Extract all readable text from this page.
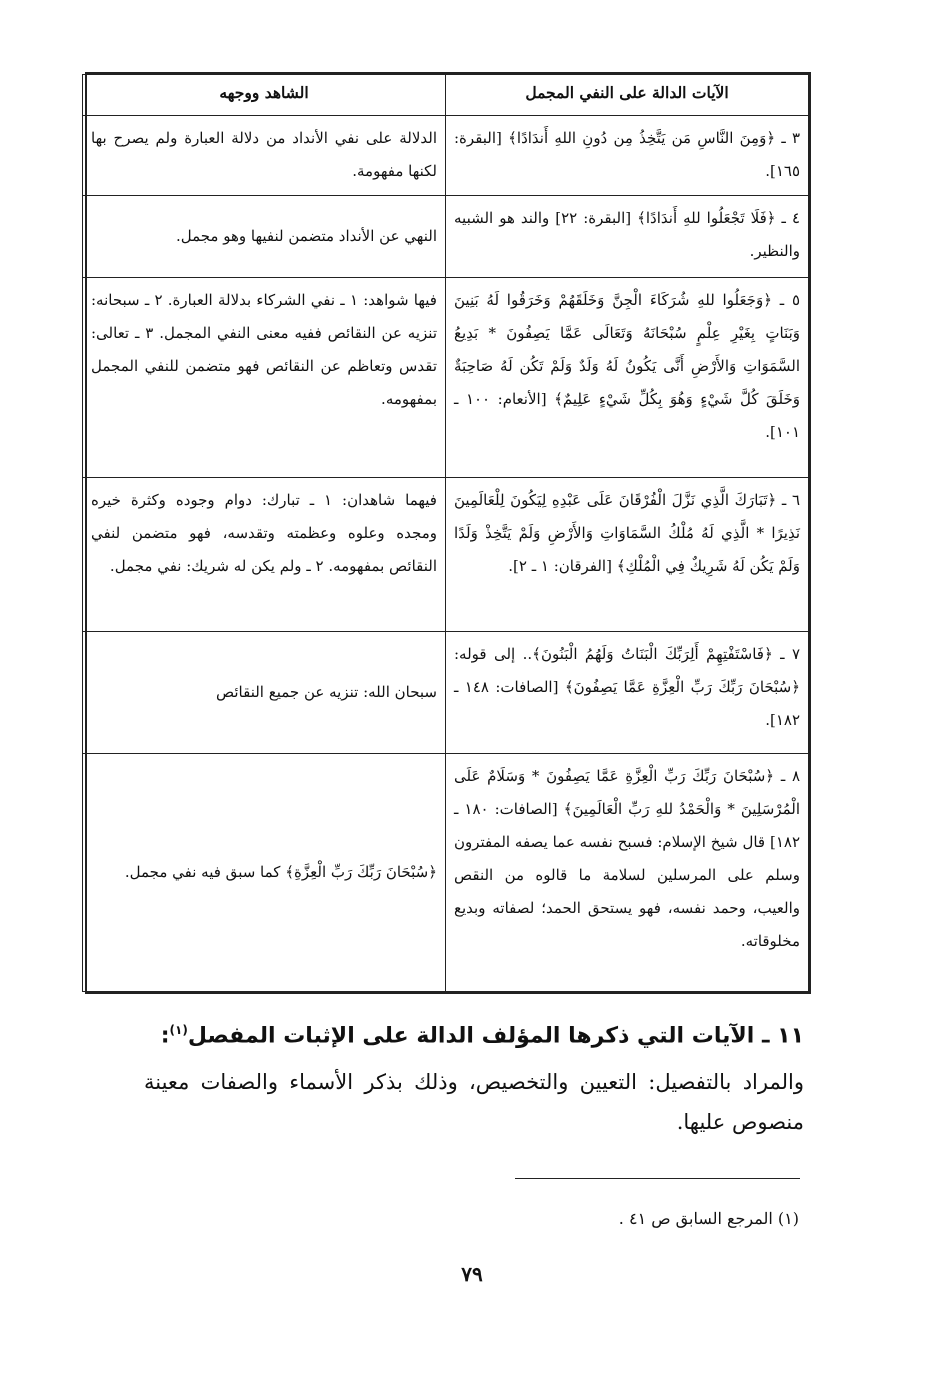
الآيات الدالة على النفي المجمل	الشاهد ووجهه
٣ ـ ﴿وَمِنَ النَّاسِ مَن يَتَّخِذُ مِن دُونِ اللهِ أَندَادًا﴾ [البقرة: ١٦٥].	الدلالة على نفي الأنداد من دلالة العبارة ولم يصرح بها لكنها مفهومة.
٤ ـ ﴿فَلَا تَجْعَلُوا للهِ أَندَادًا﴾ [البقرة: ٢٢] والند هو الشبيه والنظير.	النهي عن الأنداد متضمن لنفيها وهو مجمل.
٥ ـ ﴿وَجَعَلُوا للهِ شُرَكَاءَ الْجِنَّ وَخَلَقَهُمْ وَخَرَقُوا لَهُ بَنِينَ وَبَنَاتٍ بِغَيْرِ عِلْمٍ سُبْحَانَهُ وَتَعَالَى عَمَّا يَصِفُونَ * بَدِيعُ السَّمَوَاتِ وَالأَرْضِ أَنَّى يَكُونُ لَهُ وَلَدٌ وَلَمْ تَكُن لَهُ صَاحِبَةٌ وَخَلَقَ كُلَّ شَيْءٍ وَهُوَ بِكُلِّ شَيْءٍ عَلِيمٌ﴾ [الأنعام: ١٠٠ ـ ١٠١].	فيها شواهد: ١ ـ نفي الشركاء بدلالة العبارة. ٢ ـ سبحانه: تنزيه عن النقائص ففيه معنى النفي المجمل. ٣ ـ تعالى: تقدس وتعاظم عن النقائص فهو متضمن للنفي المجمل بمفهومه.
٦ ـ ﴿تَبَارَكَ الَّذِي نَزَّلَ الْفُرْقَانَ عَلَى عَبْدِهِ لِيَكُونَ لِلْعَالَمِينَ نَذِيرًا * الَّذِي لَهُ مُلْكُ السَّمَاوَاتِ وَالأَرْضِ وَلَمْ يَتَّخِذْ وَلَدًا وَلَمْ يَكُن لَهُ شَرِيكٌ فِي الْمُلْكِ﴾ [الفرقان: ١ ـ ٢].	فيهما شاهدان: ١ ـ تبارك: دوام وجوده وكثرة خيره ومجده وعلوه وعظمته وتقدسه، فهو متضمن لنفي النقائص بمفهومه. ٢ ـ ولم يكن له شريك: نفي مجمل.
٧ ـ ﴿فَاسْتَفْتِهِمْ أَلِرَبِّكَ الْبَنَاتُ وَلَهُمُ الْبَنُونَ﴾.. إلى قوله: ﴿سُبْحَانَ رَبِّكَ رَبِّ الْعِزَّةِ عَمَّا يَصِفُونَ﴾ [الصافات: ١٤٨ ـ ١٨٢].	سبحان الله: تنزيه عن جميع النقائص
٨ ـ ﴿سُبْحَانَ رَبِّكَ رَبِّ الْعِزَّةِ عَمَّا يَصِفُونَ * وَسَلَامٌ عَلَى الْمُرْسَلِينَ * وَالْحَمْدُ للهِ رَبِّ الْعَالَمِينَ﴾ [الصافات: ١٨٠ ـ ١٨٢] قال شيخ الإسلام: فسبح نفسه عما يصفه المفترون وسلم على المرسلين لسلامة ما قالوه من النقص والعيب، وحمد نفسه، فهو يستحق الحمد؛ لصفاته وبديع مخلوقاته.	﴿سُبْحَانَ رَبِّكَ رَبِّ الْعِزَّةِ﴾ كما سبق فيه نفي مجمل.
١١ ـ الآيات التي ذكرها المؤلف الدالة على الإثبات المفصل$^{(١)}$:
والمراد بالتفصيل: التعيين والتخصيص، وذلك بذكر الأسماء والصفات معينة منصوص عليها.
(١) المرجع السابق ص ٤١ .
٧٩
